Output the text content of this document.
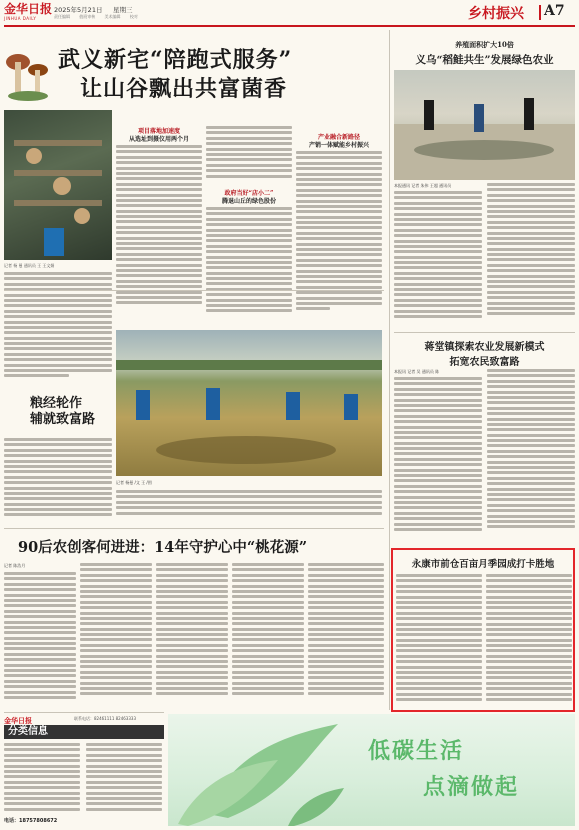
金华日报
JINHUA DAILY
2025年5月21日 星期三
责任编辑 值班审核 美术编辑 校对	乡村振兴 A7
武义新宅“陪跑式服务”
让山谷飘出共富菌香
记者 杨 曼 通讯员 王 王文娟
项目落地加速度
从选址到摄仪用两个月
政府当好“店小二”
腾退山丘的绿色股份
产业融合新路径
产销一体赋能乡村振兴
粮经轮作
辅就致富路
记者 杨曼 /文 王 /图
90后农创客何进进：14年守护心中“桃花源”
记者 陈浩月
金华日报
分类信息
联系电话：82461111 82463333
电话：18757808672
低碳生活
点滴做起
养殖面积扩大10倍
义乌“稻鲑共生”发展绿色农业
本报通讯 记者 朱伟 王超 通讯员
蒋堂镇探索农业发展新模式
拓宽农民致富路
本报讯 记者 吴 通讯员 陈
永康市前仓百亩月季园成打卡胜地
